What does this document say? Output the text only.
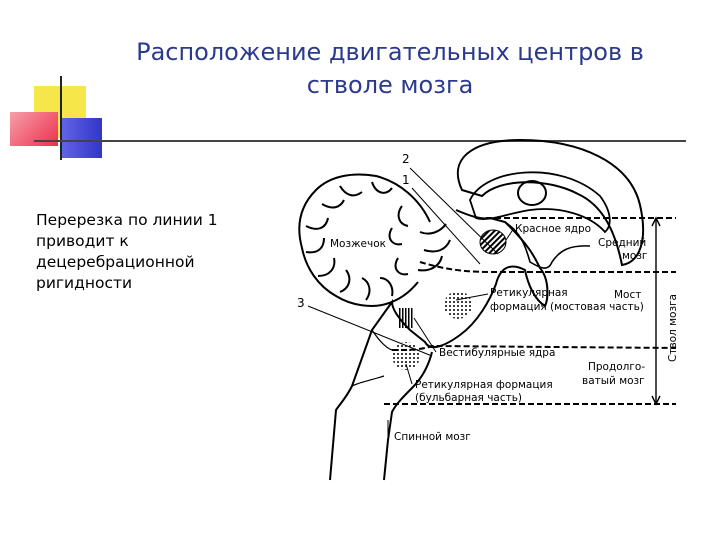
Расположение двигательных центров в
стволе мозга
Перерезка по линии 1
приводит к
децеребрационной
ригидности
Мозжечок
2
1
3	Ствол мозга
Красное ядро
Средний
мозг
Мост
Ретикулярная
формация (мостовая часть)
Вестибулярные ядра
Продолго-
ватый мозг
Ретикулярная формация
(бульбарная часть)
Спинной мозг
